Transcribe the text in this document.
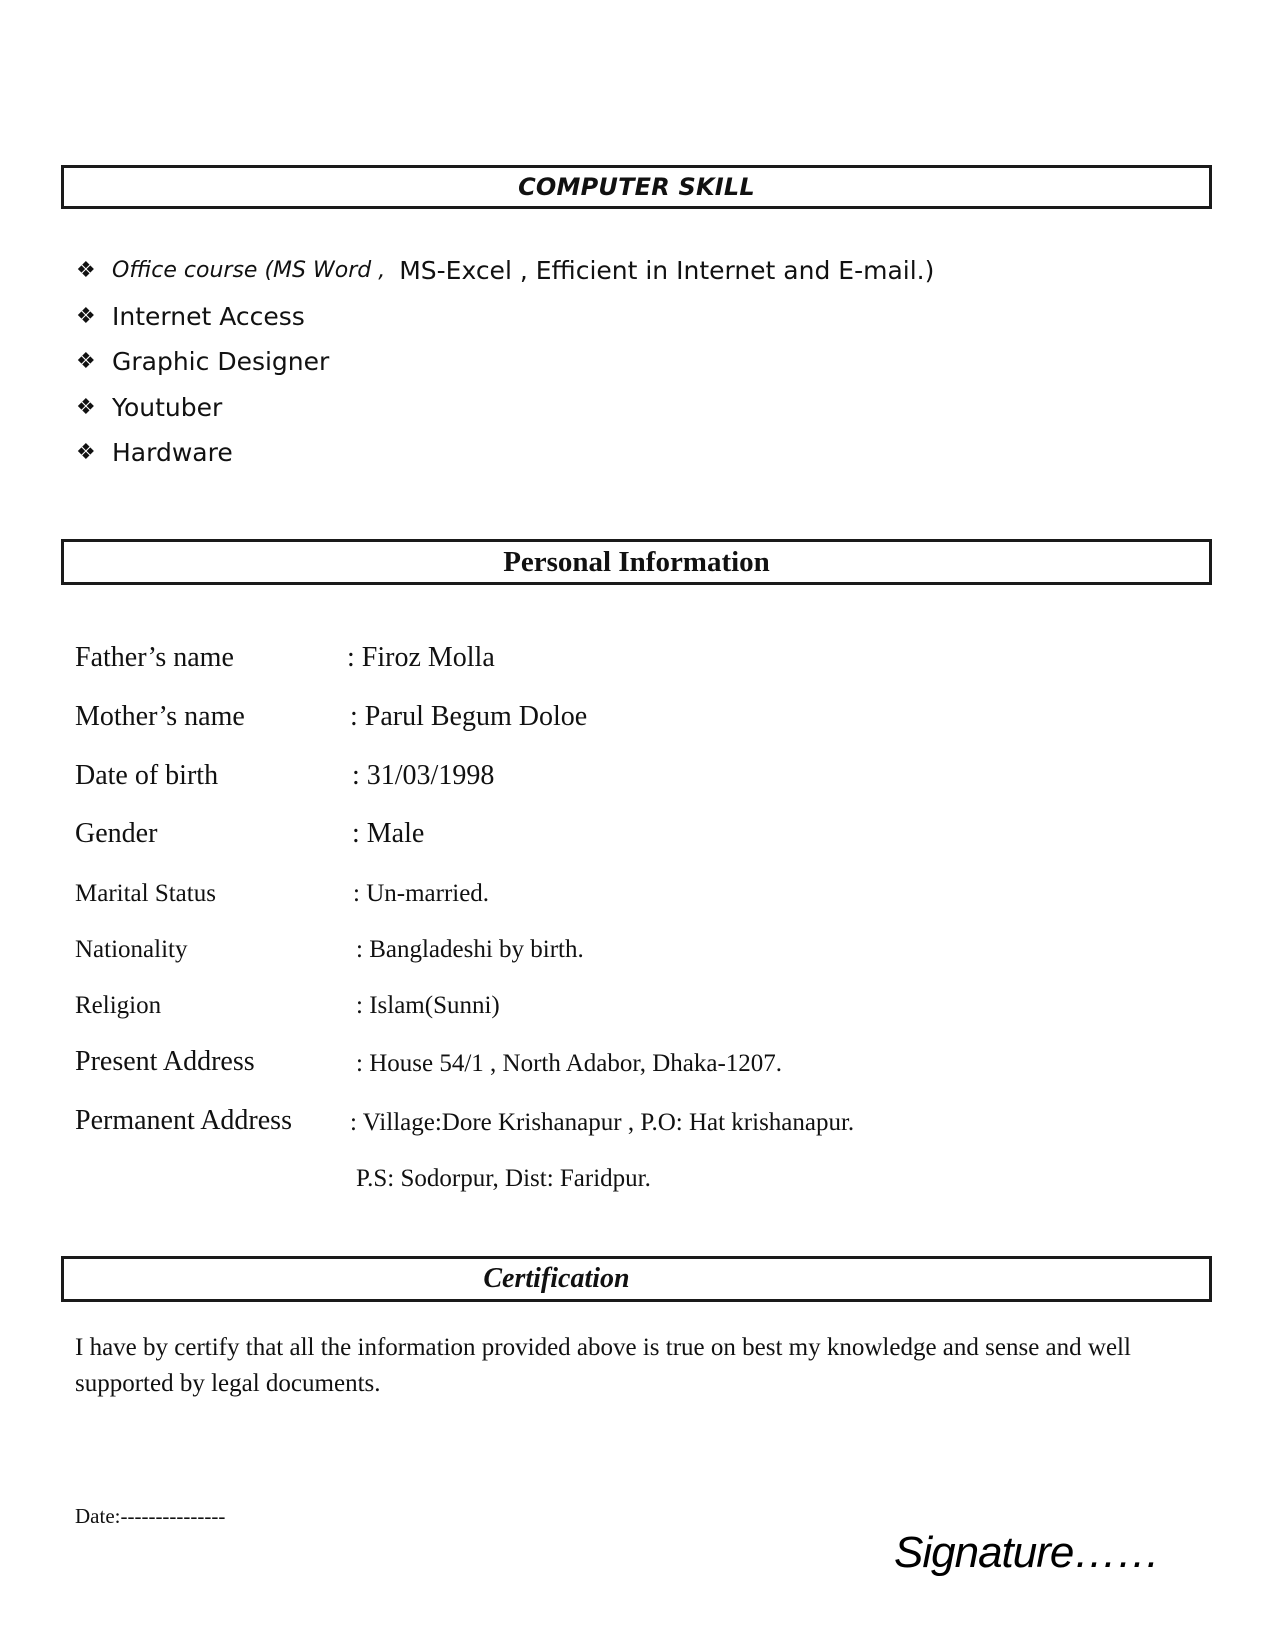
COMPUTER SKILL
❖ Office course (MS Word , MS-Excel , Efficient in Internet and E-mail.)
❖ Internet Access
❖ Graphic Designer
❖ Youtuber
❖ Hardware
Personal Information
Father’s name	: Firoz Molla
Mother’s name	: Parul Begum Doloe
Date of birth	: 31/03/1998
Gender	: Male
Marital Status	: Un-married.
Nationality	: Bangladeshi by birth.
Religion	: Islam(Sunni)
Present Address	: House 54/1 , North Adabor, Dhaka-1207.
Permanent Address : Village:Dore Krishanapur , P.O: Hat krishanapur.
P.S: Sodorpur, Dist: Faridpur.
Certification
I have by certify that all the information provided above is true on best my knowledge and sense and well supported by legal documents.
Date:---------------
Signature……
